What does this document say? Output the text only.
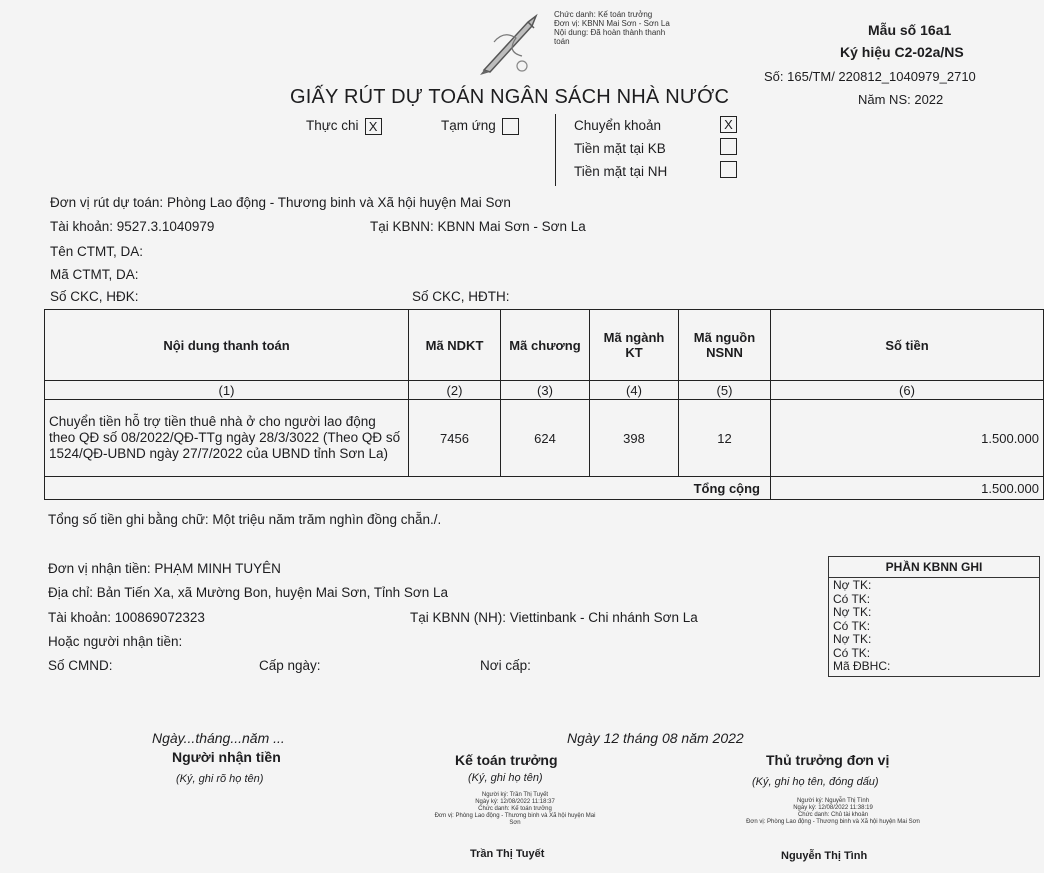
Chức danh: Kế toán trưởng
Đơn vị: KBNN Mai Sơn - Sơn La
Nội dung: Đã hoàn thành thanh
toán
Mẫu số 16a1
Ký hiệu C2-02a/NS
Số: 165/TM/ 220812_1040979_2710
Năm NS: 2022
GIẤY RÚT DỰ TOÁN NGÂN SÁCH NHÀ NƯỚC
Thực chi X	Tạm ứng	Chuyển khoản	X
Tiền mặt tại KB
Tiền mặt tại NH
Đơn vị rút dự toán: Phòng Lao động - Thương binh và Xã hội huyện Mai Sơn
Tài khoản: 9527.3.1040979	Tại KBNN: KBNN Mai Sơn - Sơn La
Tên CTMT, DA:
Mã CTMT, DA:
Số CKC, HĐK:	Số CKC, HĐTH:
Nội dung thanh toán	Mã NDKT	Mã chương	Mã ngành KT	Mã nguồn NSNN	Số tiền
(1)	(2)	(3)	(4)	(5)	(6)
Chuyển tiền hỗ trợ tiền thuê nhà ở cho người lao động theo QĐ số 08/2022/QĐ-TTg ngày 28/3/3022 (Theo QĐ số 1524/QĐ-UBND ngày 27/7/2022 của UBND tỉnh Sơn La)	7456	624	398	12	1.500.000
Tổng cộng					1.500.000
Tổng số tiền ghi bằng chữ: Một triệu năm trăm nghìn đồng chẵn./.
Đơn vị nhận tiền: PHẠM MINH TUYÊN
Địa chỉ: Bản Tiến Xa, xã Mường Bon, huyện Mai Sơn, Tỉnh Sơn La
Tài khoản: 100869072323	Tại KBNN (NH): Viettinbank - Chi nhánh Sơn La
Hoặc người nhận tiền:
Số CMND:	Cấp ngày:	Nơi cấp:
PHẦN KBNN GHI
Nợ TK:
Có TK:
Nợ TK:
Có TK:
Nợ TK:
Có TK:
Mã ĐBHC:
Ngày...tháng...năm ...
Người nhận tiền
(Ký, ghi rõ họ tên)
Ngày 12 tháng 08 năm 2022
Kế toán trưởng
(Ký, ghi họ tên)
Người ký: Trần Thị Tuyết
Ngày ký: 12/08/2022 11:18:37
Chức danh: Kế toán trưởng
Đơn vị: Phòng Lao động - Thương binh và Xã hội huyện Mai
Sơn
Trần Thị Tuyết
Thủ trưởng đơn vị
(Ký, ghi họ tên, đóng dấu)
Người ký: Nguyễn Thị Tình
Ngày ký: 12/08/2022 11:38:19
Chức danh: Chủ tài khoản
Đơn vị: Phòng Lao động - Thương binh và Xã hội huyện Mai Sơn
Nguyễn Thị Tình
